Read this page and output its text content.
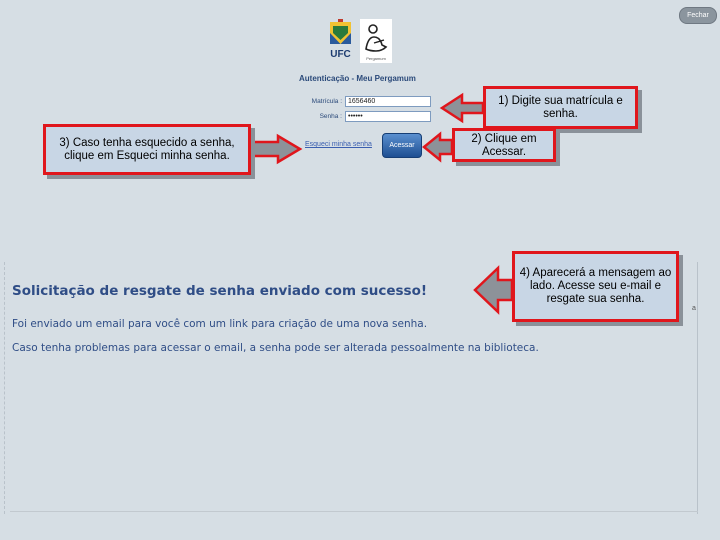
Fechar
UFC	Pergamum
Autenticação - Meu Pergamum
Matrícula :
1656460
Senha : ••••••
Esqueci minha senha	Acessar
1) Digite sua matrícula e senha.
2) Clique em Acessar.
3) Caso tenha esquecido a senha, clique em Esqueci minha senha.
4) Aparecerá a mensagem ao lado. Acesse seu e-mail e resgate sua senha.
Solicitação de resgate de senha enviado com sucesso!
Foi enviado um email para você com um link para criação de uma nova senha.
Caso tenha problemas para acessar o email, a senha pode ser alterada pessoalmente na biblioteca.
a
